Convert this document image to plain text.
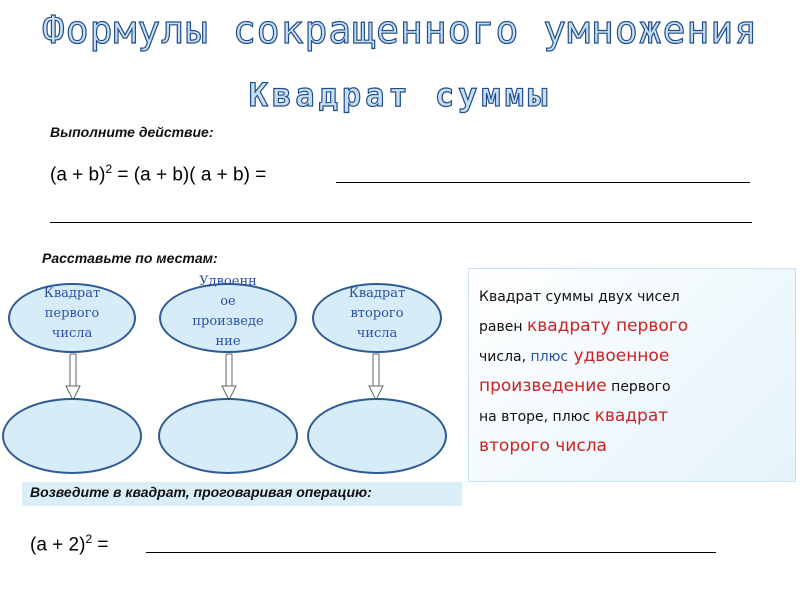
Формулы сокращенного умножения
Квадрат суммы
Выполните действие:
$(a + b)^2 = (a + b)$( a + b) =
Расставьте по местам:
Квадрат
первого
числа
Удвоенн
ое
произведе
ние
Квадрат
второго
числа

Квадрат суммы двух чисел

равен квадрату первого

числа, плюс удвоенное

произведение первого

на вторе, плюс квадрат

второго числа

Возведите в квадрат, проговаривая операцию:
$(a + 2)^2$ =
